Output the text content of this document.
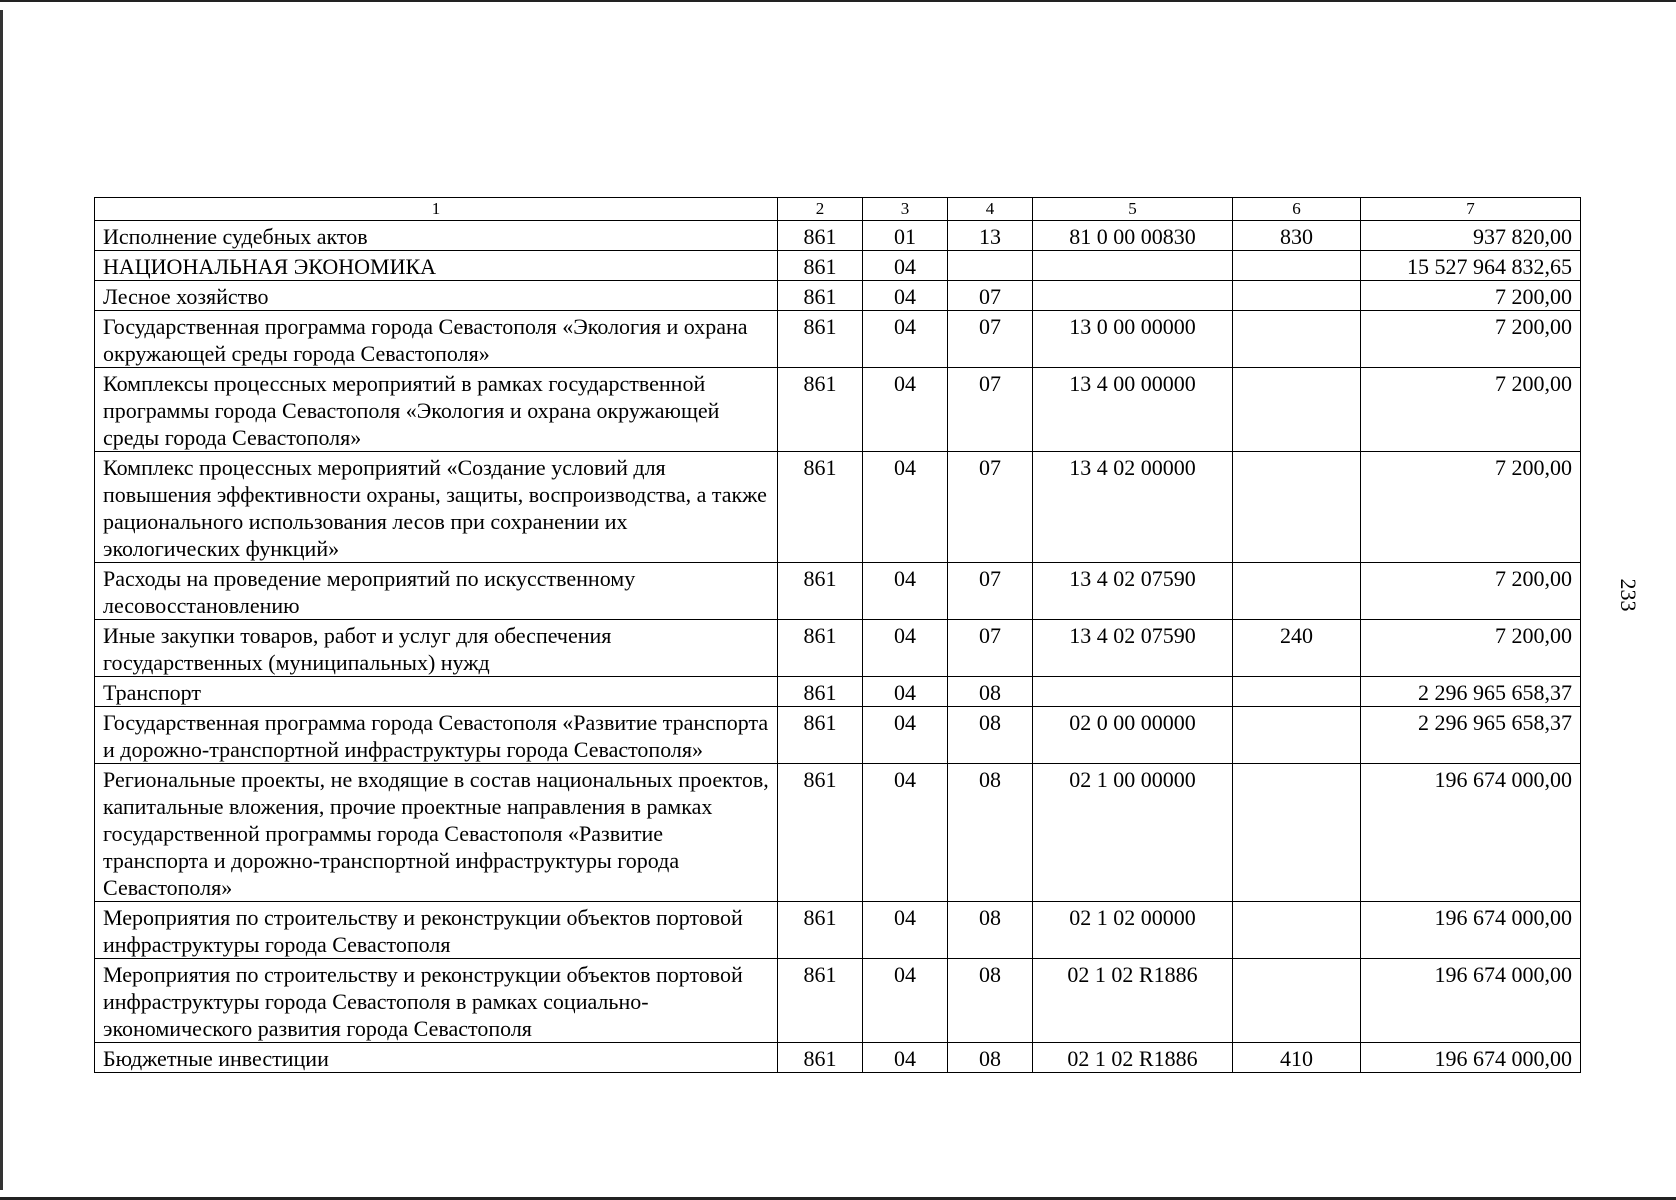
233
1	2	3	4	5	6	7
Исполнение судебных актов	861	01	13	81 0 00 00830	830	937 820,00
НАЦИОНАЛЬНАЯ ЭКОНОМИКА	861	04				15 527 964 832,65
Лесное хозяйство	861	04	07			7 200,00
Государственная программа города Севастополя «Экология и охрана окружающей среды города Севастополя»	861	04	07	13 0 00 00000		7 200,00
Комплексы процессных мероприятий в рамках государственной программы города Севастополя «Экология и охрана окружающей среды города Севастополя»	861	04	07	13 4 00 00000		7 200,00
Комплекс процессных мероприятий «Создание условий для повышения эффективности охраны, защиты, воспроизводства, а также рационального использования лесов при сохранении их экологических функций»	861	04	07	13 4 02 00000		7 200,00
Расходы на проведение мероприятий по искусственному лесовосстановлению	861	04	07	13 4 02 07590		7 200,00
Иные закупки товаров, работ и услуг для обеспечения государственных (муниципальных) нужд	861	04	07	13 4 02 07590	240	7 200,00
Транспорт	861	04	08			2 296 965 658,37
Государственная программа города Севастополя «Развитие транспорта и дорожно-транспортной инфраструктуры города Севастополя»	861	04	08	02 0 00 00000		2 296 965 658,37
Региональные проекты, не входящие в состав национальных проектов, капитальные вложения, прочие проектные направления в рамках государственной программы города Севастополя «Развитие транспорта и дорожно-транспортной инфраструктуры города Севастополя»	861	04	08	02 1 00 00000		196 674 000,00
Мероприятия по строительству и реконструкции объектов портовой инфраструктуры города Севастополя	861	04	08	02 1 02 00000		196 674 000,00
Мероприятия по строительству и реконструкции объектов портовой инфраструктуры города Севастополя в рамках социально-экономического развития города Севастополя	861	04	08	02 1 02 R1886		196 674 000,00
Бюджетные инвестиции	861	04	08	02 1 02 R1886	410	196 674 000,00
